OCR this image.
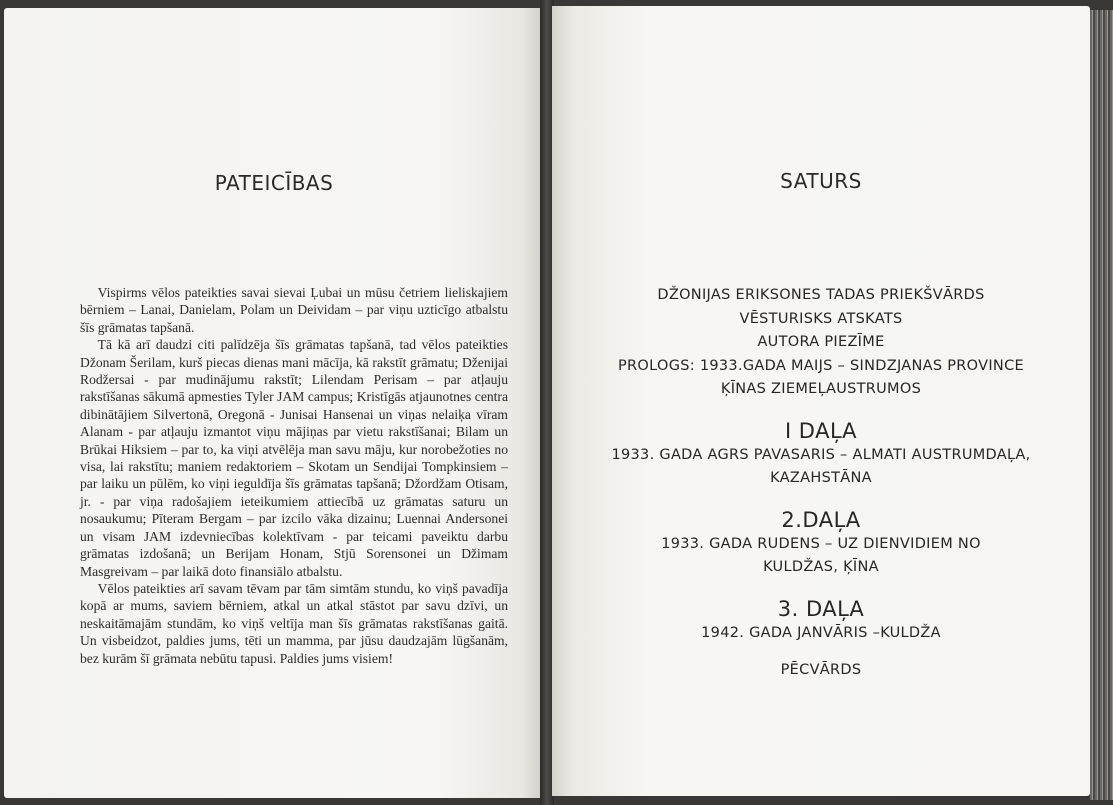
PATEICĪBAS

Vispirms vēlos pateikties savai sievai Ļubai un mūsu četriem lieliskajiem bērniem – Lanai, Danielam, Polam un Deividam – par viņu uzticīgo atbalstu šīs grāmatas tapšanā.

Tā kā arī daudzi citi palīdzēja šīs grāmatas tapšanā, tad vēlos pateikties Džonam Šerilam, kurš piecas dienas mani mācīja, kā rakstīt grāmatu; Dženijai Rodžersai - par mudinājumu rakstīt; Lilendam Perisam – par atļauju rakstīšanas sākumā apmesties Tyler JAM campus; Kristīgās atjaunotnes centra dibinātājiem Silvertonā, Oregonā - Junisai Hansenai un viņas nelaiķa vīram Alanam - par atļauju izmantot viņu mājiņas par vietu rakstīšanai; Bilam un Brūkai Hiksiem – par to, ka viņi atvēlēja man savu māju, kur norobežoties no visa, lai rakstītu; maniem redaktoriem – Skotam un Sendijai Tompkinsiem – par laiku un pūlēm, ko viņi ieguldīja šīs grāmatas tapšanā; Džordžam Otisam, jr. - par viņa radošajiem ieteikumiem attiecībā uz grāmatas saturu un nosaukumu; Pīteram Bergam – par izcilo vāka dizainu; Luennai Andersonei un visam JAM izdevniecības kolektīvam - par teicami paveiktu darbu grāmatas izdošanā; un Berijam Honam, Stjū Sorensonei un Džimam Masgreivam – par laikā doto finansiālo atbalstu.

Vēlos pateikties arī savam tēvam par tām simtām stundu, ko viņš pavadīja kopā ar mums, saviem bērniem, atkal un atkal stāstot par savu dzīvi, un neskaitāmajām stundām, ko viņš veltīja man šīs grāmatas rakstīšanas gaitā. Un visbeidzot, paldies jums, tēti un mamma, par jūsu daudzajām lūgšanām, bez kurām šī grāmata nebūtu tapusi. Paldies jums visiem!

SATURS
DŽONIJAS ERIKSONES TADAS PRIEKŠVĀRDS
VĒSTURISKS ATSKATS
AUTORA PIEZĪME
PROLOGS: 1933.GADA MAIJS – SINDZJANAS PROVINCE
ĶĪNAS ZIEMEĻAUSTRUMOS
I DAĻA
1933. GADA AGRS PAVASARIS – ALMATI AUSTRUMDAĻA,
KAZAHSTĀNA
2.DAĻA
1933. GADA RUDENS – UZ DIENVIDIEM NO
KULDŽAS, ĶĪNA
3. DAĻA
1942. GADA JANVĀRIS –KULDŽA
PĒCVĀRDS
